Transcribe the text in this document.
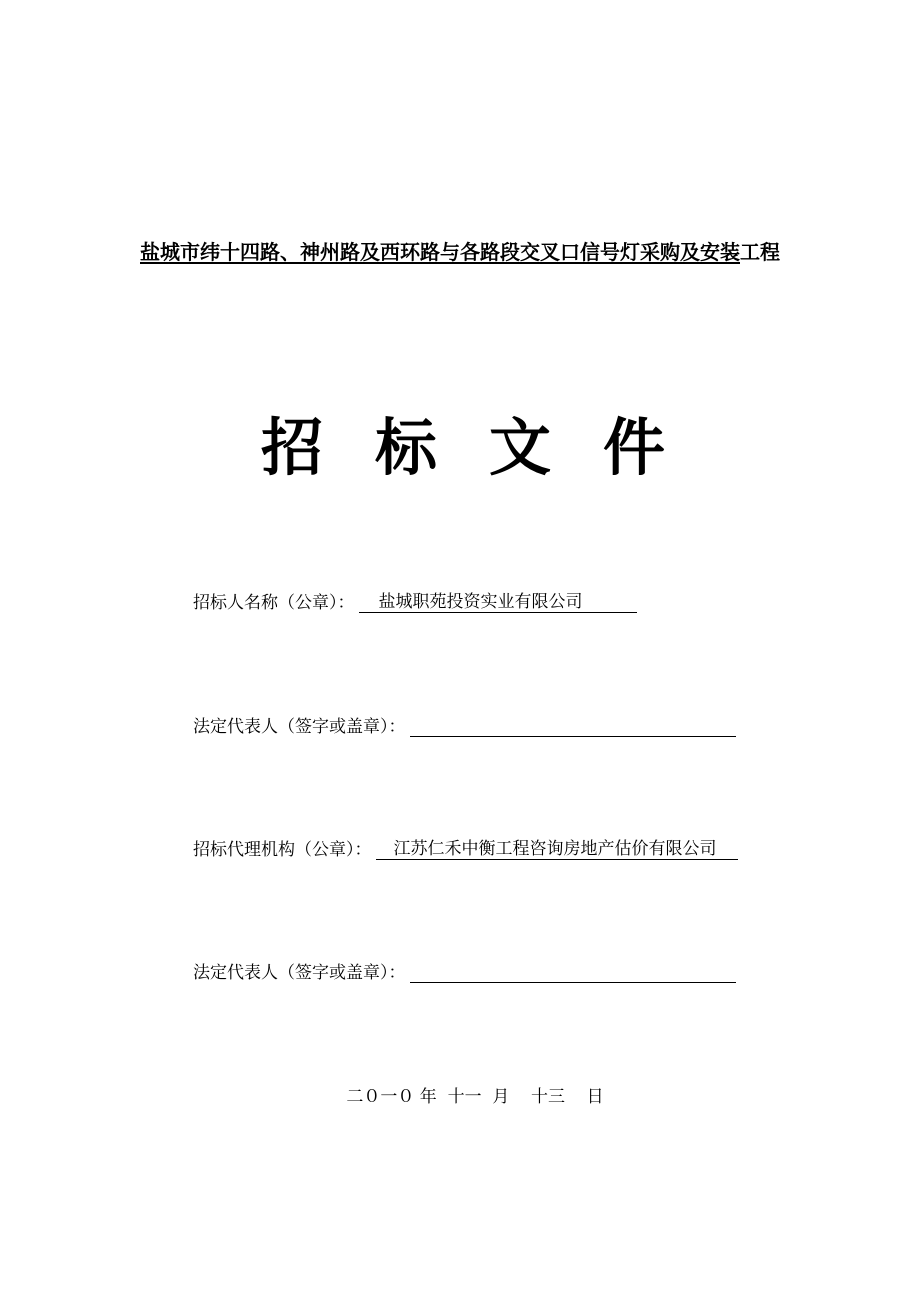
盐城市纬十四路、神州路及西环路与各路段交叉口信号灯采购及安装工程
招 标 文 件
招标人名称（公章）：	盐城职苑投资实业有限公司
法定代表人（签字或盖章）：
招标代理机构（公章）：	江苏仁禾中衡工程咨询房地产估价有限公司
法定代表人（签字或盖章）：
二０一０ 年  十一  月    十三    日
